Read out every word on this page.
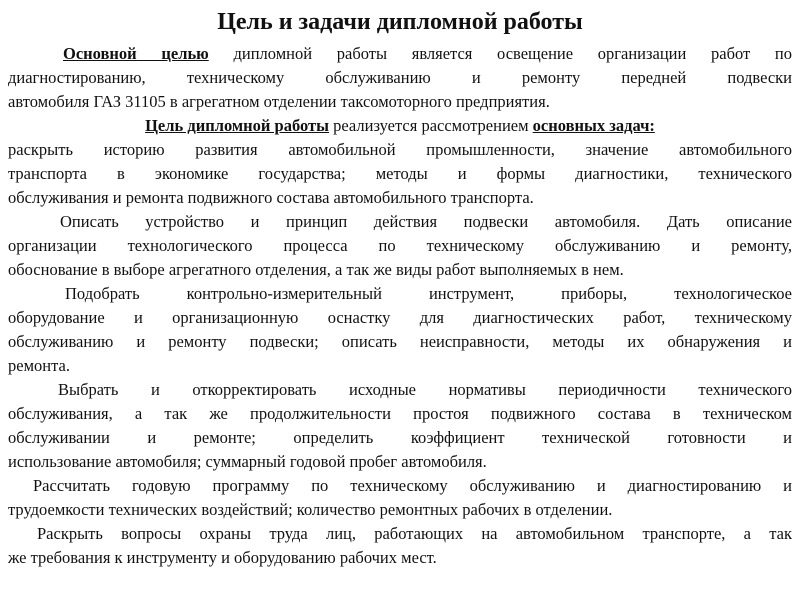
Цель и задачи дипломной работы
Основной целью дипломной работы является освещение организации работ по
диагностированию, техническому обслуживанию и ремонту передней подвески
автомобиля ГАЗ 31105 в агрегатном отделении таксомоторного предприятия.
Цель дипломной работы реализуется рассмотрением основных задач:
раскрыть историю развития автомобильной промышленности, значение автомобильного
транспорта в экономике государства; методы и формы диагностики, технического
обслуживания и ремонта подвижного состава автомобильного транспорта.
Описать устройство и принцип действия подвески автомобиля. Дать описание
организации технологического процесса по техническому обслуживанию и ремонту,
обоснование в выборе агрегатного отделения, а так же виды работ выполняемых в нем.
Подобрать контрольно-измерительный инструмент, приборы, технологическое
оборудование и организационную оснастку для диагностических работ, техническому
обслуживанию и ремонту подвески; описать неисправности, методы их обнаружения и
ремонта.
Выбрать и откорректировать исходные нормативы периодичности технического
обслуживания, а так же продолжительности простоя подвижного состава в техническом
обслуживании и ремонте; определить коэффициент технической готовности и
использование автомобиля; суммарный годовой пробег автомобиля.
Рассчитать годовую программу по техническому обслуживанию и диагностированию и
трудоемкости технических воздействий; количество ремонтных рабочих в отделении.
Раскрыть вопросы охраны труда лиц, работающих на автомобильном транспорте, а так
же требования к инструменту и оборудованию рабочих мест.
